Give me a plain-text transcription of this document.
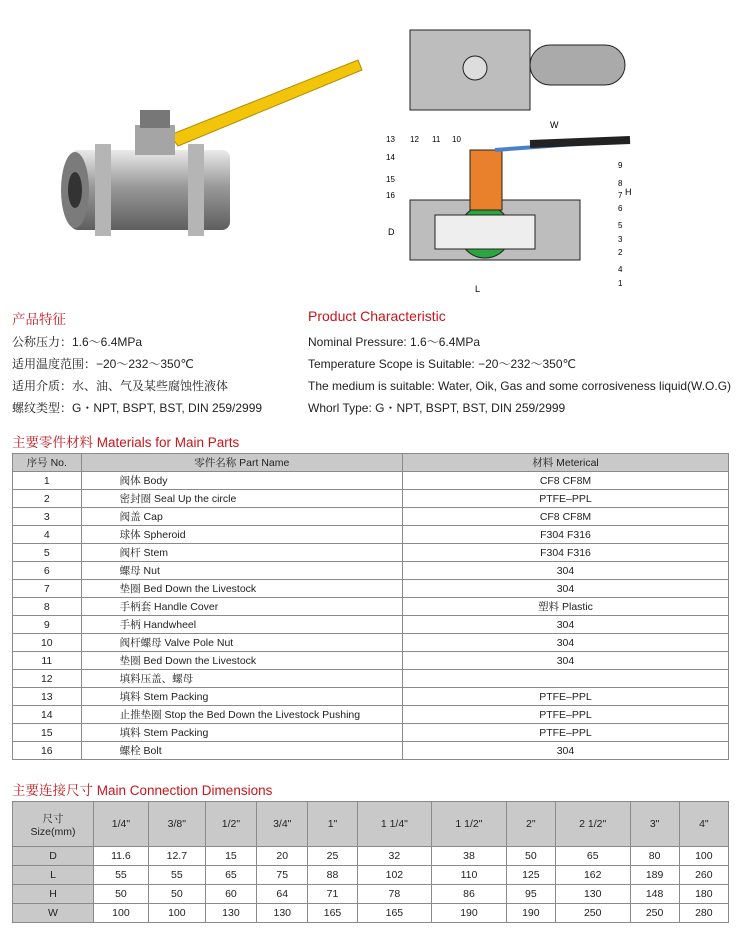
W
H
D
L
13 12 11 10
14
15
16
9
8
7
6
5
3
2
4
1
产品特征
公称压力：1.6～6.4MPa
适用温度范围：−20～232～350℃
适用介质：水、油、气及某些腐蚀性液体
螺纹类型：G・NPT, BSPT, BST, DIN 259/2999
Product Characteristic
Nominal Pressure: 1.6～6.4MPa
Temperature Scope is Suitable: −20～232～350℃
The medium is suitable: Water, Oik, Gas and some corrosiveness liquid(W.O.G)
Whorl Type: G・NPT, BSPT, BST, DIN 259/2999
主要零件材料 Materials for Main Parts
序号 No.	零件名称 Part Name	材料 Meterical
1	阀体 Body	CF8 CF8M
2	密封圈 Seal Up the circle	PTFE–PPL
3	阀盖 Cap	CF8 CF8M
4	球体 Spheroid	F304 F316
5	阀杆 Stem	F304 F316
6	螺母 Nut	304
7	垫圈 Bed Down the Livestock	304
8	手柄套 Handle Cover	塑料 Plastic
9	手柄 Handwheel	304
10	阀杆螺母 Valve Pole Nut	304
11	垫圈 Bed Down the Livestock	304
12	填料压盖、螺母	
13	填料 Stem Packing	PTFE–PPL
14	止推垫圈 Stop the Bed Down the Livestock Pushing	PTFE–PPL
15	填料 Stem Packing	PTFE–PPL
16	螺栓 Bolt	304
主要连接尺寸 Main Connection Dimensions
尺寸
Size(mm)	1/4"	3/8"	1/2"	3/4"	1"	1 1/4"	1 1/2"	2"	2 1/2"	3"	4"
D	11.6	12.7	15	20	25	32	38	50	65	80	100
L	55	55	65	75	88	102	110	125	162	189	260
H	50	50	60	64	71	78	86	95	130	148	180
W	100	100	130	130	165	165	190	190	250	250	280
